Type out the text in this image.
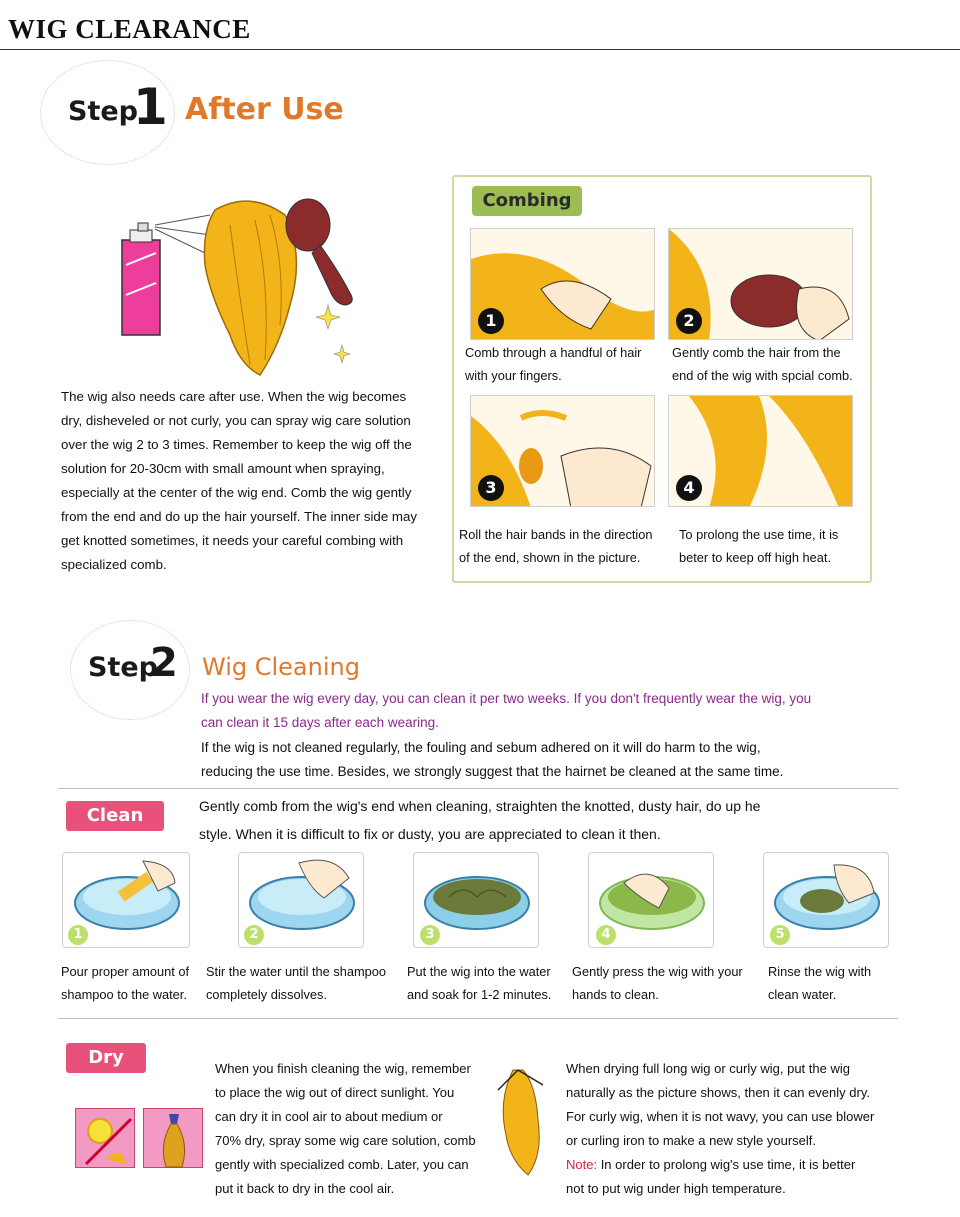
WIG CLEARANCE
Step
1 After Use

The wig also needs care after use. When the wig becomes

dry, disheveled or not curly, you can spray wig care solution

over the wig 2 to 3 times. Remember to keep the wig off the

solution for 20-30cm with small amount when spraying,

especially at the center of the wig end. Comb the wig gently

from the end and do up the hair yourself. The inner side may

get knotted sometimes, it needs your careful combing with

specialized comb.

Combing
1	2
Comb through a handful of hair
with your fingers.
Gently comb the hair from the
end of the wig with spcial comb.
3	4
Roll the hair bands in the direction
of the end, shown in the picture.
To prolong the use time, it is
beter to keep off high heat.
Step
2 Wig Cleaning

If you wear the wig every day, you can clean it per two weeks. If you don't frequently wear the wig, you

can clean it 15 days after each wearing.

If the wig is not cleaned regularly, the fouling and sebum adhered on it will do harm to the wig,

reducing the use time. Besides, we strongly suggest that the hairnet be cleaned at the same time.

Clean	Gently comb from the wig's end when cleaning, straighten the knotted, dusty hair, do up he

style. When it is difficult to fix or dusty, you are appreciated to clean it then.

1	2	3	4	5
Pour proper amount of
shampoo to the water.
Stir the water until the shampoo
completely dissolves.
Put the wig into the water
and soak for 1-2 minutes.
Gently press the wig with your
hands to clean.
Rinse the wig with
clean water.
Dry

When you finish cleaning the wig, remember

to place the wig out of direct sunlight. You

can dry it in cool air to about medium or

70% dry, spray some wig care solution, comb

gently with specialized comb. Later, you can

put it back to dry in the cool air.

When drying full long wig or curly wig, put the wig

naturally as the picture shows, then it can evenly dry.

For curly wig, when it is not wavy, you can use blower

or curling iron to make a new style yourself.

Note: In order to prolong wig's use time, it is better

not to put wig under high temperature.
